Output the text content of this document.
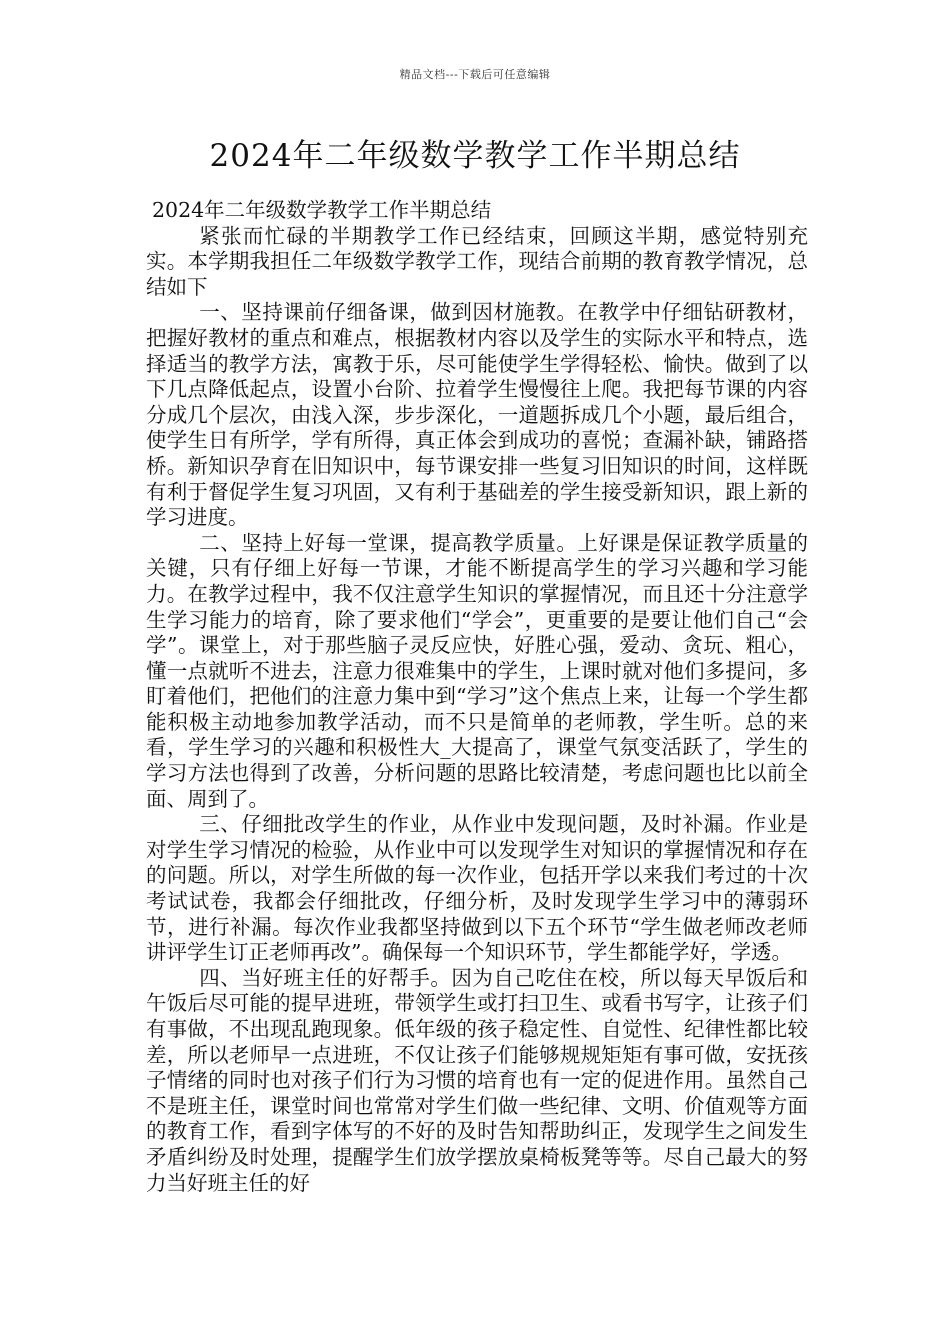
精品文档---下载后可任意编辑
2024年二年级数学教学工作半期总结

2024年二年级数学教学工作半期总结

紧张而忙碌的半期教学工作已经结束，回顾这半期，感觉特别充实。本学期我担任二年级数学教学工作，现结合前期的教育教学情况，总结如下

一、坚持课前仔细备课，做到因材施教。在教学中仔细钻研教材，把握好教材的重点和难点，根据教材内容以及学生的实际水平和特点，选择适当的教学方法，寓教于乐，尽可能使学生学得轻松、愉快。做到了以下几点降低起点，设置小台阶、拉着学生慢慢往上爬。我把每节课的内容分成几个层次，由浅入深，步步深化，一道题拆成几个小题，最后组合，使学生日有所学，学有所得，真正体会到成功的喜悦；查漏补缺，铺路搭桥。新知识孕育在旧知识中，每节课安排一些复习旧知识的时间，这样既有利于督促学生复习巩固，又有利于基础差的学生接受新知识，跟上新的学习进度。

二、坚持上好每一堂课，提高教学质量。上好课是保证教学质量的关键，只有仔细上好每一节课，才能不断提高学生的学习兴趣和学习能力。在教学过程中，我不仅注意学生知识的掌握情况，而且还十分注意学生学习能力的培育，除了要求他们“学会”，更重要的是要让他们自己“会学”。课堂上，对于那些脑子灵反应快，好胜心强，爱动、贪玩、粗心，懂一点就听不进去，注意力很难集中的学生，上课时就对他们多提问，多盯着他们，把他们的注意力集中到“学习”这个焦点上来，让每一个学生都能积极主动地参加教学活动，而不只是简单的老师教，学生听。总的来看，学生学习的兴趣和积极性大_大提高了，课堂气氛变活跃了，学生的学习方法也得到了改善，分析问题的思路比较清楚，考虑问题也比以前全面、周到了。

三、仔细批改学生的作业，从作业中发现问题，及时补漏。作业是对学生学习情况的检验，从作业中可以发现学生对知识的掌握情况和存在的问题。所以，对学生所做的每一次作业，包括开学以来我们考过的十次考试试卷，我都会仔细批改，仔细分析，及时发现学生学习中的薄弱环节，进行补漏。每次作业我都坚持做到以下五个环节“学生做老师改老师讲评学生订正老师再改”。确保每一个知识环节，学生都能学好，学透。

四、当好班主任的好帮手。因为自己吃住在校，所以每天早饭后和午饭后尽可能的提早进班，带领学生或打扫卫生、或看书写字，让孩子们有事做，不出现乱跑现象。低年级的孩子稳定性、自觉性、纪律性都比较差，所以老师早一点进班，不仅让孩子们能够规规矩矩有事可做，安抚孩子情绪的同时也对孩子们行为习惯的培育也有一定的促进作用。虽然自己不是班主任，课堂时间也常常对学生们做一些纪律、文明、价值观等方面的教育工作，看到字体写的不好的及时告知帮助纠正，发现学生之间发生矛盾纠纷及时处理，提醒学生们放学摆放桌椅板凳等等。尽自己最大的努力当好班主任的好
